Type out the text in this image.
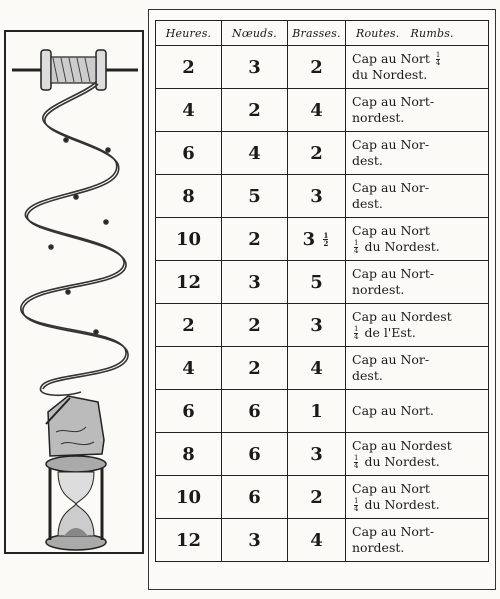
Heures.	Nœuds.	Brasses.	Routes.   Rumbs.
2	3	2	Cap au Nort $\frac{1}{4}$
du Nordest.

4	2	4	Cap au Nort-
nordest.

6	4	2	Cap au Nor-
dest.

8	5	3	Cap au Nor-
dest.

10	2	$3 \frac{1}{2}$	Cap au Nort
$\frac{1}{4}$ du Nordest.

12	3	5	Cap au Nort-
nordest.

2	2	3	Cap au Nordest
$\frac{1}{4}$ de l'Est.

4	2	4	Cap au Nor-
dest.

6	6	1	Cap au Nort.

8	6	3	Cap au Nordest
$\frac{1}{4}$ du Nordest.

10	6	2	Cap au Nort
$\frac{1}{4}$ du Nordest.

12	3	4	Cap au Nort-
nordest.
